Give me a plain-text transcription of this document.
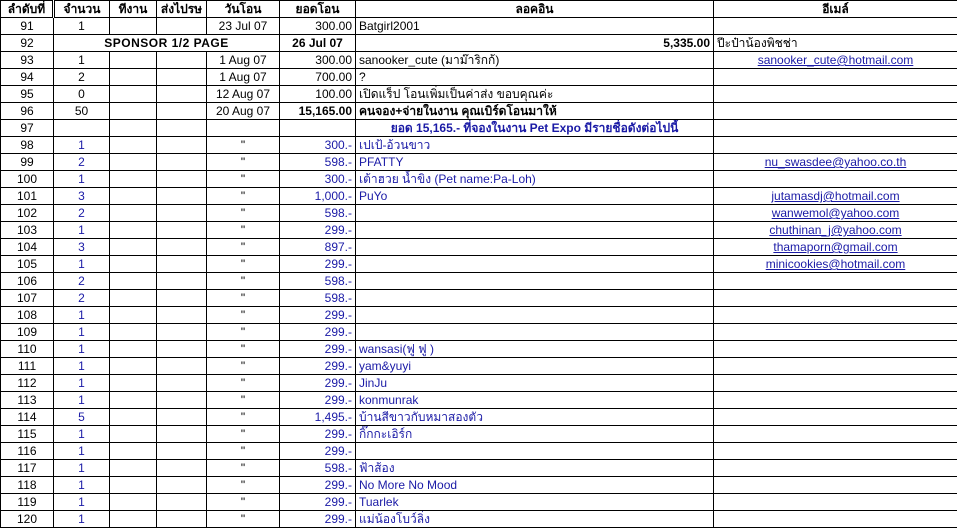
ลำดับที่	จำนวน	ทีงาน	ส่งไปรษ	วันโอน	ยอดโอน	ลอคอิน	อีเมล์	
91	1			23 Jul 07	300.00	Batgirl2001		
92	SPONSOR 1/2 PAGE				26 Jul 07	5,335.00	ปีะป๋าน้องพิชช่า	
93	1			1 Aug 07	300.00	sanooker_cute (มาม๊าริกก้)	sanooker_cute@hotmail.com	
94	2			1 Aug 07	700.00	?		
95	0			12 Aug 07	100.00	เปิดแร็ป โอนเพิ่มเป็นค่าส่ง ขอบคุณค่ะ		
96	50			20 Aug 07	15,165.00	คนจอง+จ่ายในงาน คุณเบิร์ดโอนมาให้		
97						ยอด 15,165.- ที่จองในงาน Pet Expo มีรายชื่อดังต่อไปนี้		
98	1			"	300.-	เปเป้-อ้วนขาว		
99	2			"	598.-	PFATTY	nu_swasdee@yahoo.co.th	
100	1			"	300.-	เต้าฮวย น้ำขิง (Pet name:Pa-Loh)		
101	3			"	1,000.-	PuYo	jutamasdj@hotmail.com	
102	2			"	598.-		wanwemol@yahoo.com	
103	1			"	299.-		chuthinan_j@yahoo.com	
104	3			"	897.-		thamaporn@gmail.com	
105	1			"	299.-		minicookies@hotmail.com	
106	2			"	598.-			
107	2			"	598.-			
108	1			"	299.-			
109	1			"	299.-			
110	1			"	299.-	wansasi(ฟู ฟู )		
111	1			"	299.-	yam&yuyi		
112	1			"	299.-	JinJu		
113	1			"	299.-	konmunrak		
114	5			"	1,495.-	บ้านสีขาวกับหมาสองตัว		
115	1			"	299.-	กิ๊กกะเอิร์ก		
116	1			"	299.-			
117	1			"	598.-	ฟ้าส้อง		
118	1			"	299.-	No More No Mood		
119	1			"	299.-	Tuarlek		
120	1			"	299.-	แม่น้องโบว์ลิ่ง		
